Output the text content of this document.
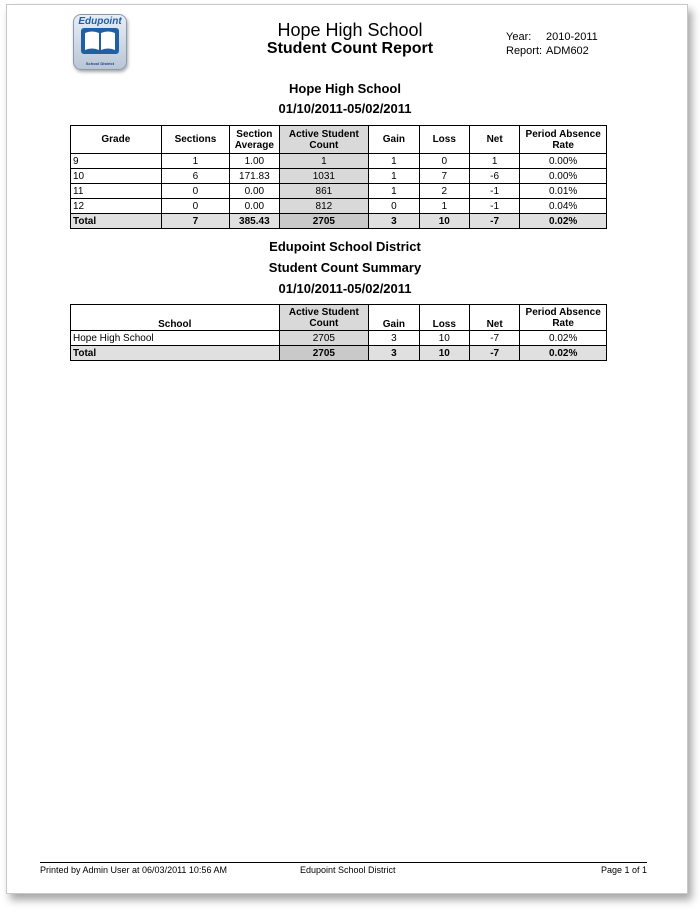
Edupoint
School District
Hope High School
Student Count Report
Year: 2010-2011
Report: ADM602
Hope High School
01/10/2011-05/02/2011
Grade	Sections	Section Average	Active Student Count	Gain	Loss	Net	Period Absence Rate
9	1	1.00	1	1	0	1	0.00%
10	6	171.83	1031	1	7	-6	0.00%
11	0	0.00	861	1	2	-1	0.01%
12	0	0.00	812	0	1	-1	0.04%
Total	7	385.43	2705	3	10	-7	0.02%
Edupoint School District
Student Count Summary
01/10/2011-05/02/2011
School	Active Student Count	Gain	Loss	Net	Period Absence Rate
Hope High School	2705	3	10	-7	0.02%
Total	2705	3	10	-7	0.02%
Printed by Admin User at 06/03/2011 10:56 AM	Edupoint School District	Page 1 of 1
